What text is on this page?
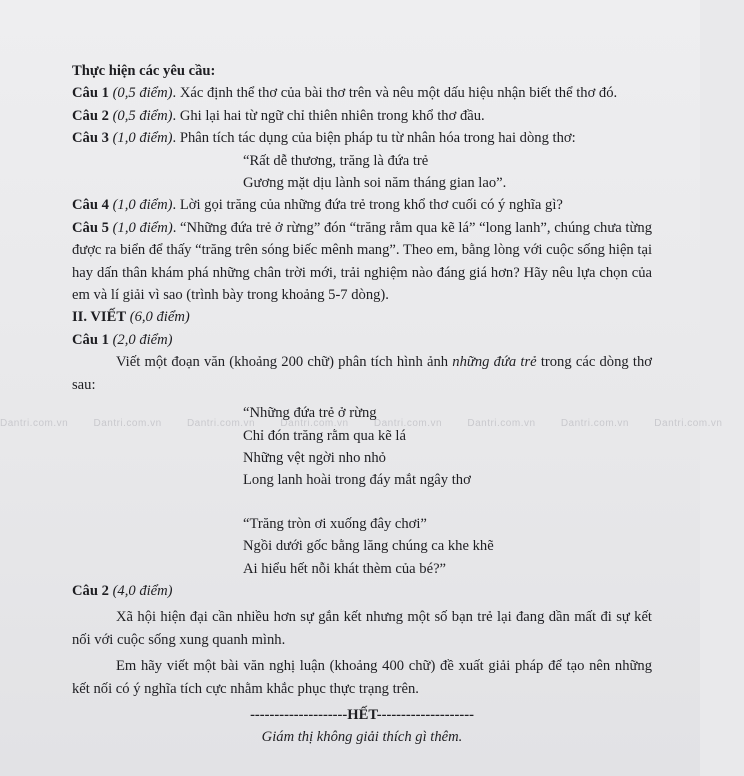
Dantri.com.vn	Dantri.com.vn	Dantri.com.vn	Dantri.com.vn	Dantri.com.vn	Dantri.com.vn	Dantri.com.vn	Dantri.com.vn

Thực hiện các yêu cầu:

Câu 1 (0,5 điểm). Xác định thể thơ của bài thơ trên và nêu một dấu hiệu nhận biết thể thơ đó.

Câu 2 (0,5 điểm). Ghi lại hai từ ngữ chỉ thiên nhiên trong khổ thơ đầu.

Câu 3 (1,0 điểm). Phân tích tác dụng của biện pháp tu từ nhân hóa trong hai dòng thơ:

“Rất dễ thương, trăng là đứa trẻ

Gương mặt dịu lành soi năm tháng gian lao”.

Câu 4 (1,0 điểm). Lời gọi trăng của những đứa trẻ trong khổ thơ cuối có ý nghĩa gì?

Câu 5 (1,0 điểm). “Những đứa trẻ ở rừng” đón “trăng rằm qua kẽ lá” “long lanh”, chúng chưa từng được ra biển để thấy “trăng trên sóng biếc mênh mang”. Theo em, bằng lòng với cuộc sống hiện tại hay dấn thân khám phá những chân trời mới, trải nghiệm nào đáng giá hơn? Hãy nêu lựa chọn của em và lí giải vì sao (trình bày trong khoảng 5-7 dòng).

II. VIẾT (6,0 điểm)

Câu 1 (2,0 điểm)

Viết một đoạn văn (khoảng 200 chữ) phân tích hình ảnh những đứa trẻ trong các dòng thơ sau:

“Những đứa trẻ ở rừng

Chỉ đón trăng rằm qua kẽ lá

Những vệt ngời nho nhỏ

Long lanh hoài trong đáy mắt ngây thơ

“Trăng tròn ơi xuống đây chơi”

Ngồi dưới gốc bằng lăng chúng ca khe khẽ

Ai hiểu hết nỗi khát thèm của bé?”

Câu 2 (4,0 điểm)

Xã hội hiện đại cần nhiều hơn sự gắn kết nhưng một số bạn trẻ lại đang dần mất đi sự kết nối với cuộc sống xung quanh mình.

Em hãy viết một bài văn nghị luận (khoảng 400 chữ) đề xuất giải pháp để tạo nên những kết nối có ý nghĩa tích cực nhằm khắc phục thực trạng trên.

--------------------HẾT--------------------

Giám thị không giải thích gì thêm.
